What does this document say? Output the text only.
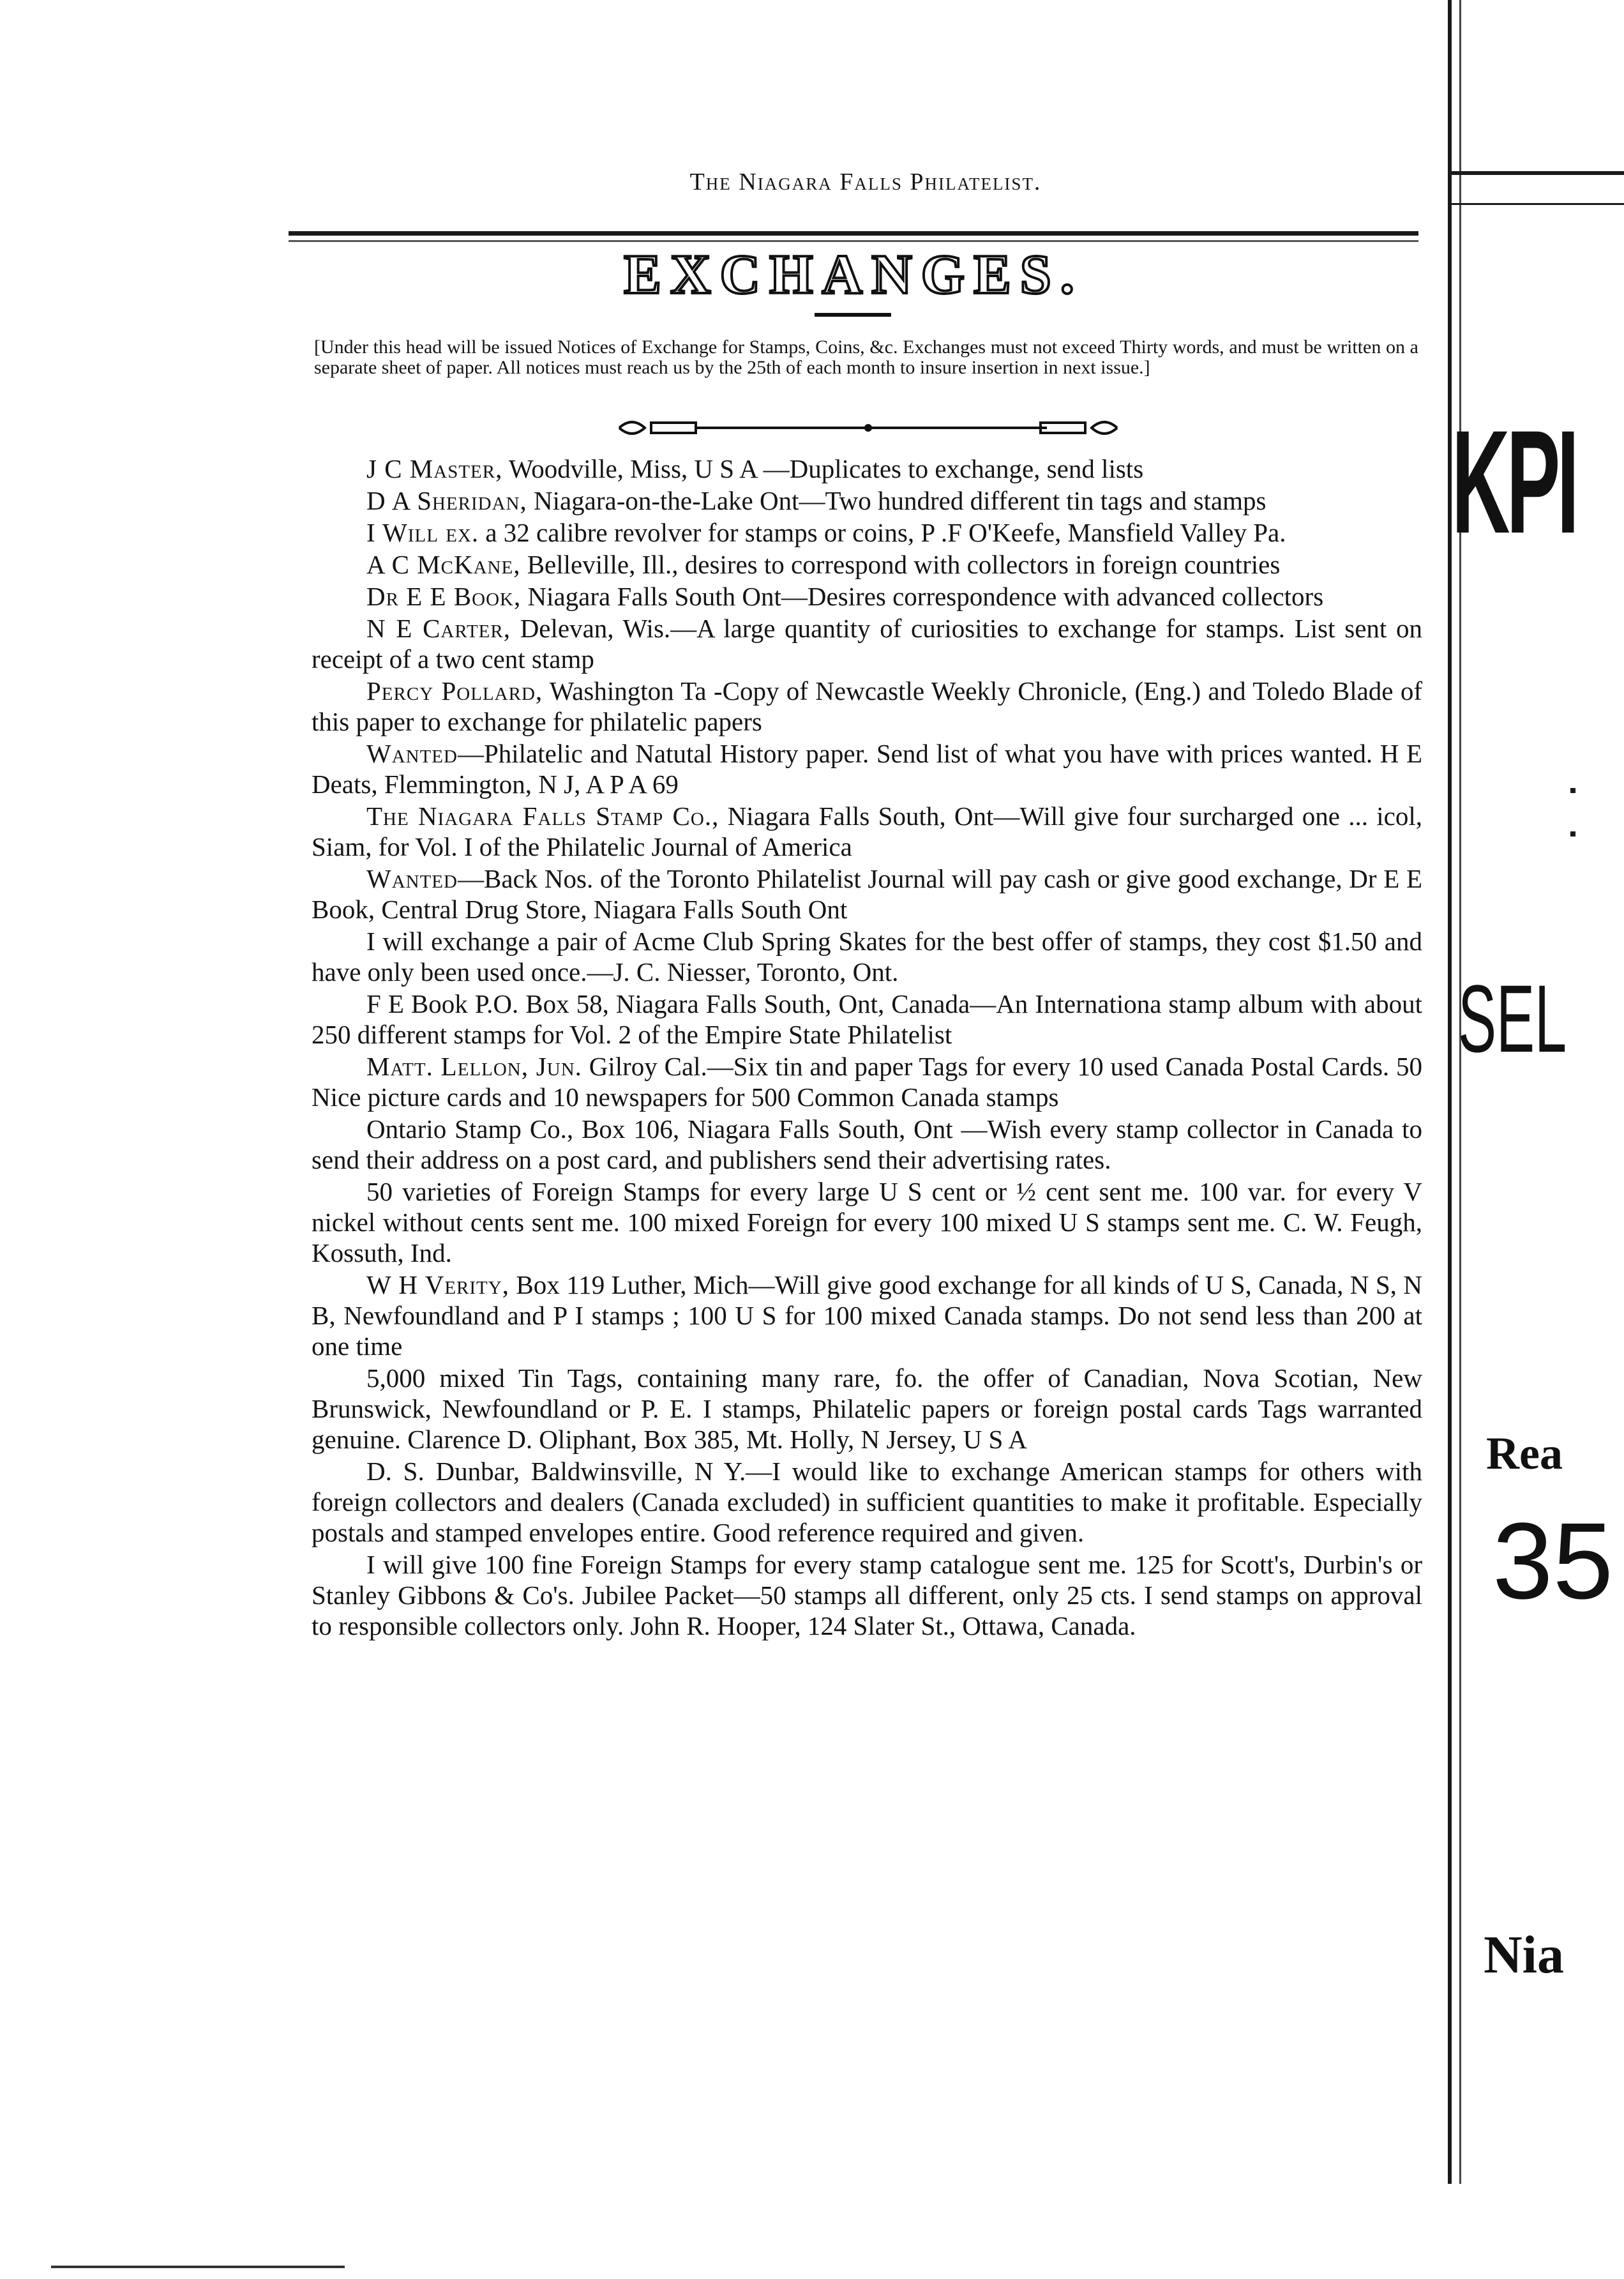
The Niagara Falls Philatelist.
EXCHANGES.
[Under this head will be issued Notices of Exchange for Stamps, Coins, &c. Exchanges must not exceed Thirty words, and must be written on a separate sheet of paper. All notices must reach us by the 25th of each month to insure insertion in next issue.]

J C Master, Woodville, Miss, U S A —Duplicates to exchange, send lists

D A Sheridan, Niagara-on-the-Lake Ont—Two hundred different tin tags and stamps

I Will ex. a 32 calibre revolver for stamps or coins, P .F O'Keefe, Mansfield Valley Pa.

A C McKane, Belleville, Ill., desires to correspond with collectors in foreign countries

Dr E E Book, Niagara Falls South Ont—Desires correspondence with advanced collectors

N E Carter, Delevan, Wis.—A large quantity of curiosities to exchange for stamps. List sent on receipt of a two cent stamp

Percy Pollard, Washington Ta -Copy of Newcastle Weekly Chronicle, (Eng.) and Toledo Blade of this paper to exchange for philatelic papers

Wanted—Philatelic and Natutal History paper. Send list of what you have with prices wanted. H E Deats, Flemmington, N J, A P A 69

The Niagara Falls Stamp Co., Niagara Falls South, Ont—Will give four surcharged one ... icol, Siam, for Vol. I of the Philatelic Journal of America

Wanted—Back Nos. of the Toronto Philatelist Journal will pay cash or give good exchange, Dr E E Book, Central Drug Store, Niagara Falls South Ont

I will exchange a pair of Acme Club Spring Skates for the best offer of stamps, they cost $1.50 and have only been used once.—J. C. Niesser, Toronto, Ont.

F E Book P.O. Box 58, Niagara Falls South, Ont, Canada—An Internationa stamp album with about 250 different stamps for Vol. 2 of the Empire State Philatelist

Matt. Lellon, Jun. Gilroy Cal.—Six tin and paper Tags for every 10 used Canada Postal Cards. 50 Nice picture cards and 10 newspapers for 500 Common Canada stamps

Ontario Stamp Co., Box 106, Niagara Falls South, Ont —Wish every stamp collector in Canada to send their address on a post card, and publishers send their advertising rates.

50 varieties of Foreign Stamps for every large U S cent or ½ cent sent me. 100 var. for every V nickel without cents sent me. 100 mixed Foreign for every 100 mixed U S stamps sent me. C. W. Feugh, Kossuth, Ind.

W H Verity, Box 119 Luther, Mich—Will give good exchange for all kinds of U S, Canada, N S, N B, Newfoundland and P I stamps ; 100 U S for 100 mixed Canada stamps. Do not send less than 200 at one time

5,000 mixed Tin Tags, containing many rare, fo. the offer of Canadian, Nova Scotian, New Brunswick, Newfoundland or P. E. I stamps, Philatelic papers or foreign postal cards Tags warranted genuine. Clarence D. Oliphant, Box 385, Mt. Holly, N Jersey, U S A

D. S. Dunbar, Baldwinsville, N Y.—I would like to exchange American stamps for others with foreign collectors and dealers (Canada excluded) in sufficient quantities to make it profitable. Especially postals and stamped envelopes entire. Good reference required and given.

I will give 100 fine Foreign Stamps for every stamp catalogue sent me. 125 for Scott's, Durbin's or Stanley Gibbons & Co's. Jubilee Packet—50 stamps all different, only 25 cts. I send stamps on approval to responsible collectors only. John R. Hooper, 124 Slater St., Ottawa, Canada.

KPI
SEL
Rea
35
Nia
